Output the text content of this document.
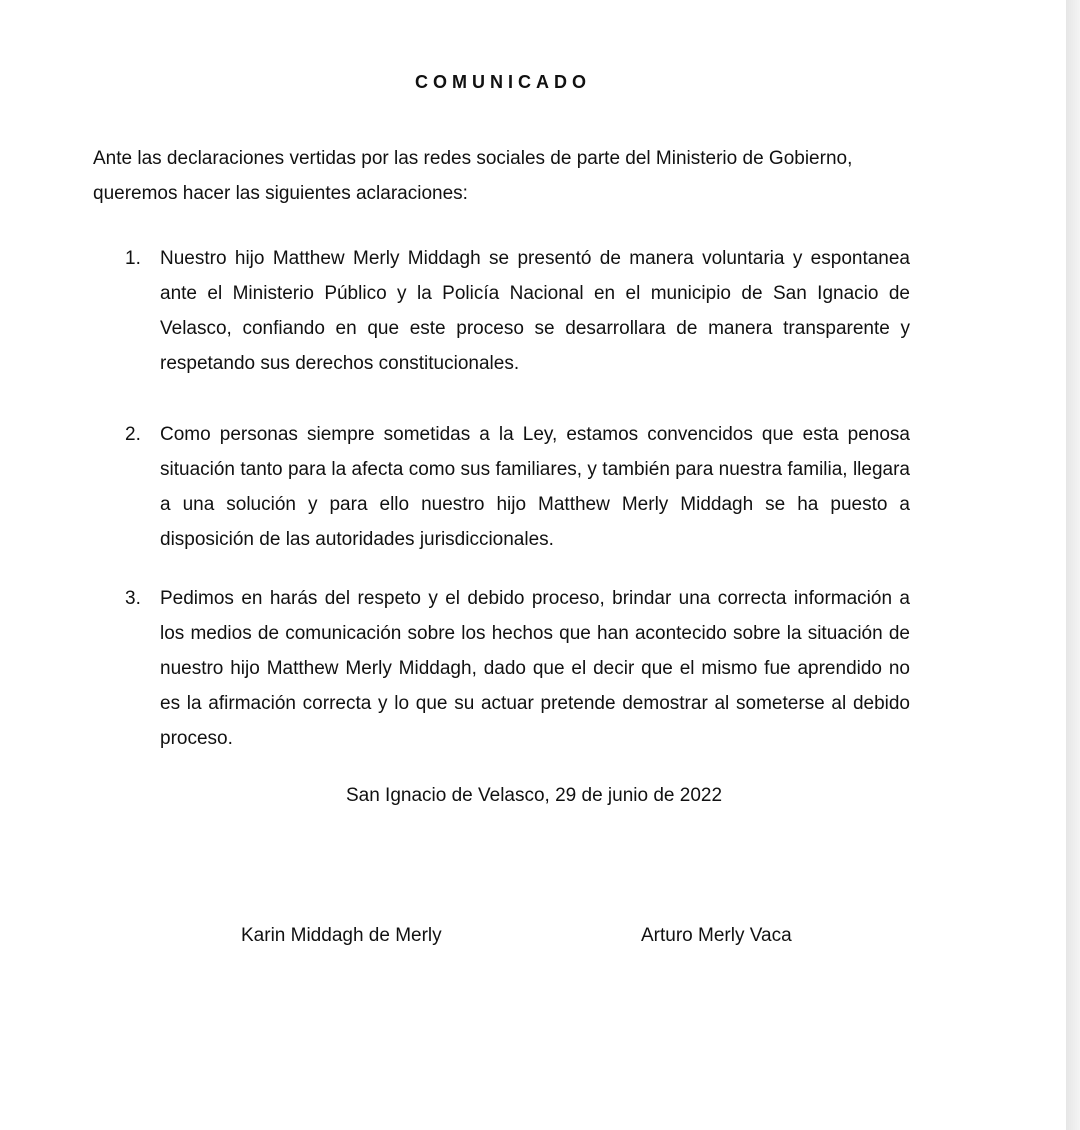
COMUNICADO

Ante las declaraciones vertidas por las redes sociales de parte del Ministerio de Gobierno, queremos hacer las siguientes aclaraciones:

1.	Nuestro hijo Matthew Merly Middagh se presentó de manera voluntaria y espontanea ante el Ministerio Público y la Policía Nacional en el municipio de San Ignacio de Velasco, confiando en que este proceso se desarrollara de manera transparente y respetando sus derechos constitucionales.
2.	Como personas siempre sometidas a la Ley, estamos convencidos que esta penosa situación tanto para la afecta como sus familiares, y también para nuestra familia, llegara a una solución y para ello nuestro hijo Matthew Merly Middagh se ha puesto a disposición de las autoridades jurisdiccionales.
3.	Pedimos en harás del respeto y el debido proceso, brindar una correcta información a los medios de comunicación sobre los hechos que han acontecido sobre la situación de nuestro hijo Matthew Merly Middagh, dado que el decir que el mismo fue aprendido no es la afirmación correcta y lo que su actuar pretende demostrar al someterse al debido proceso.
San Ignacio de Velasco, 29 de junio de 2022
Karin Middagh de Merly	Arturo Merly Vaca
